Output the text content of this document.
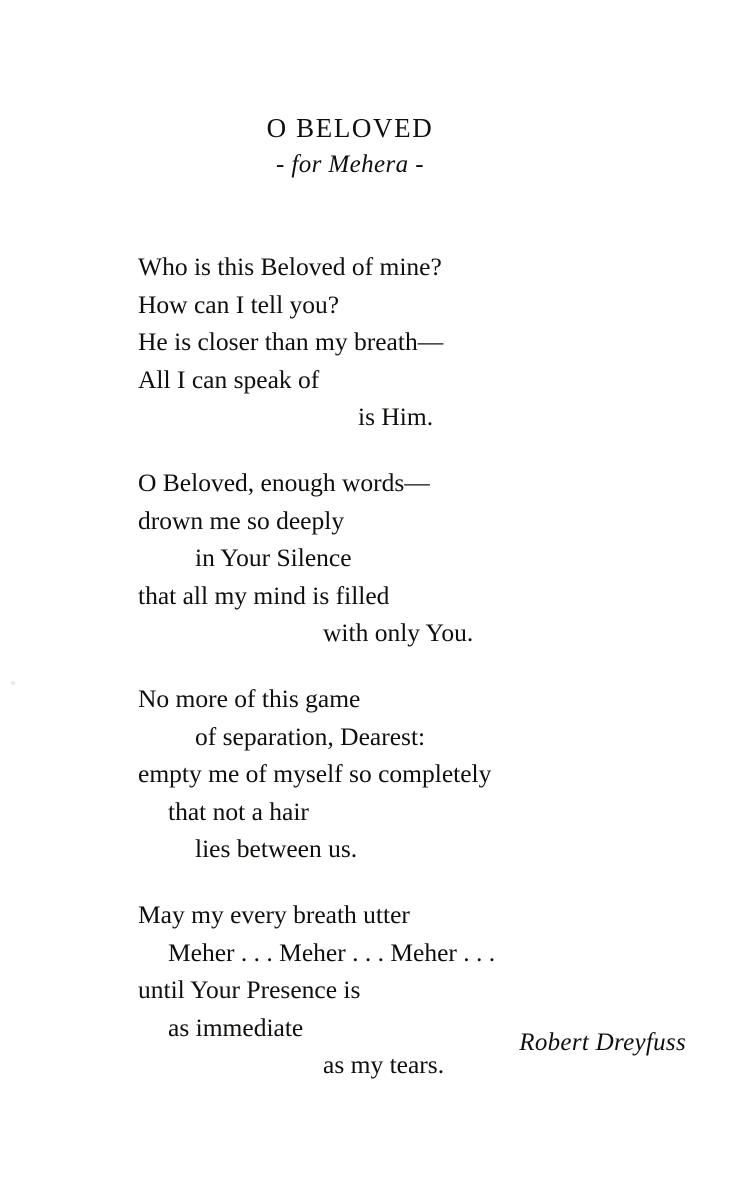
O BELOVED
- for Mehera -
Who is this Beloved of mine?
How can I tell you?
He is closer than my breath—
All I can speak of
is Him.
O Beloved, enough words—
drown me so deeply
in Your Silence
that all my mind is filled
with only You.
No more of this game
of separation, Dearest:
empty me of myself so completely
that not a hair
lies between us.
May my every breath utter
Meher . . . Meher . . . Meher . . .
until Your Presence is
as immediate
as my tears.
Robert Dreyfuss
